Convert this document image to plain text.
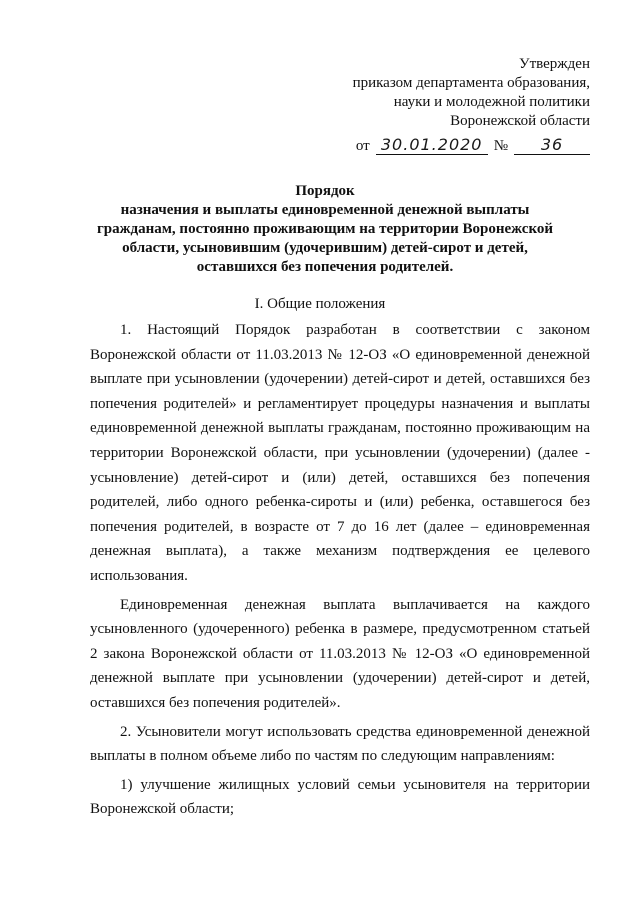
Утвержден
приказом департамента образования,
науки и молодежной политики
Воронежской области
от 30.01.2020 №	36
Порядок
назначения и выплаты единовременной денежной выплаты
гражданам, постоянно проживающим на территории Воронежской
области, усыновившим (удочерившим) детей-сирот и детей,
оставшихся без попечения родителей.
I. Общие положения

1. Настоящий Порядок разработан в соответствии с законом Воронежской области от 11.03.2013 № 12-ОЗ «О единовременной денежной выплате при усыновлении (удочерении) детей-сирот и детей, оставшихся без попечения родителей» и регламентирует процедуры назначения и выплаты единовременной денежной выплаты гражданам, постоянно проживающим на территории Воронежской области, при усыновлении (удочерении) (далее - усыновление) детей-сирот и (или) детей, оставшихся без попечения родителей, либо одного ребенка-сироты и (или) ребенка, оставшегося без попечения родителей, в возрасте от 7 до 16 лет (далее – единовременная денежная выплата), а также механизм подтверждения ее целевого использования.

Единовременная денежная выплата выплачивается на каждого усыновленного (удочеренного) ребенка в размере, предусмотренном статьей 2 закона Воронежской области от 11.03.2013 № 12-ОЗ «О единовременной денежной выплате при усыновлении (удочерении) детей-сирот и детей, оставшихся без попечения родителей».

2. Усыновители могут использовать средства единовременной денежной выплаты в полном объеме либо по частям по следующим направлениям:

1) улучшение жилищных условий семьи усыновителя на территории Воронежской области;
